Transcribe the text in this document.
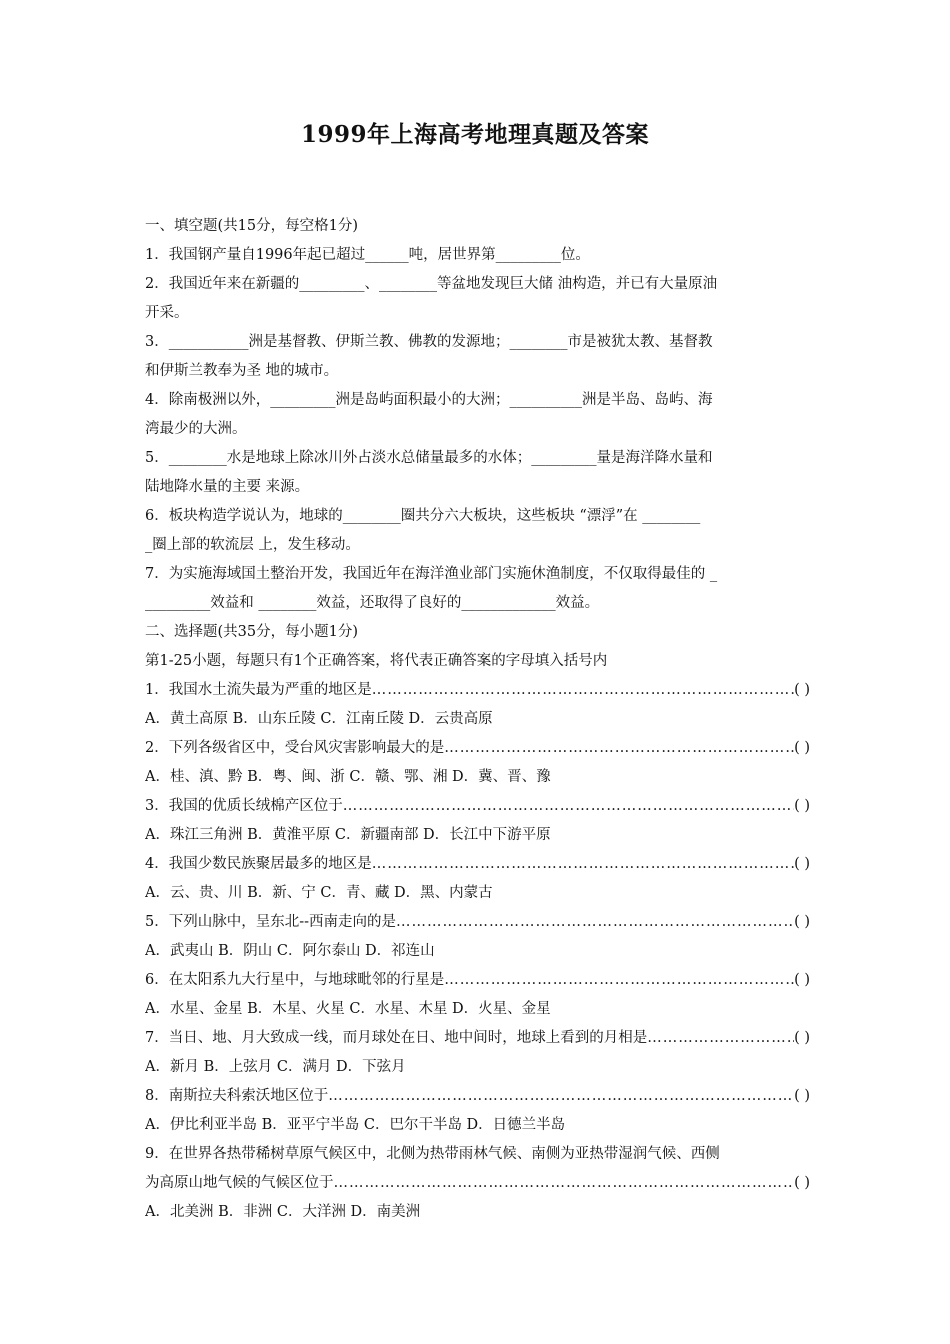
1999年上海高考地理真题及答案
一、填空题(共15分，每空格1分)
1．我国钢产量自1996年起已超过______吨，居世界第_________位。
2．我国近年来在新疆的_________、________等盆地发现巨大储 油构造，并已有大量原油
开采。
3．___________洲是基督教、伊斯兰教、佛教的发源地；________市是被犹太教、基督教
和伊斯兰教奉为圣 地的城市。
4．除南极洲以外，_________洲是岛屿面积最小的大洲；__________洲是半岛、岛屿、海
湾最少的大洲。
5．________水是地球上除冰川外占淡水总储量最多的水体；_________量是海洋降水量和
陆地降水量的主要 来源。
6．板块构造学说认为，地球的________圈共分六大板块，这些板块 “漂浮”在 ________
_圈上部的软流层 上，发生移动。
7．为实施海域国土整治开发，我国近年在海洋渔业部门实施休渔制度，不仅取得最佳的 _
_________效益和 ________效益，还取得了良好的_____________效益。
二、选择题(共35分，每小题1分)
第1-25小题，每题只有1个正确答案，将代表正确答案的字母填入括号内
1．我国水土流失最为严重的地区是 …………………………………………………………………………………………………………………………………………………………………	( )
A．黄土高原 B．山东丘陵 C．江南丘陵 D．云贵高原
2．下列各级省区中，受台风灾害影响最大的是 …………………………………………………………………………………………………………………………………………………………………	( )
A．桂、滇、黔 B．粤、闽、浙 C．赣、鄂、湘 D．冀、晋、豫
3．我国的优质长绒棉产区位于 …………………………………………………………………………………………………………………………………………………………………	( )
A．珠江三角洲 B．黄淮平原 C．新疆南部 D．长江中下游平原
4．我国少数民族聚居最多的地区是 …………………………………………………………………………………………………………………………………………………………………	( )
A．云、贵、川 B．新、宁 C．青、藏 D．黑、内蒙古
5．下列山脉中，呈东北--西南走向的是 …………………………………………………………………………………………………………………………………………………………………	( )
A．武夷山 B．阴山 C．阿尔泰山 D．祁连山
6．在太阳系九大行星中，与地球毗邻的行星是 …………………………………………………………………………………………………………………………………………………………………	( )
A．水星、金星 B．木星、火星 C．水星、木星 D．火星、金星
7．当日、地、月大致成一线，而月球处在日、地中间时，地球上看到的月相是 …………………………………………………………………………………………………………………………………………………………………	( )
A．新月 B．上弦月 C．满月 D．下弦月
8．南斯拉夫科索沃地区位于 …………………………………………………………………………………………………………………………………………………………………	( )
A．伊比利亚半岛 B．亚平宁半岛 C．巴尔干半岛 D．日德兰半岛
9．在世界各热带稀树草原气候区中，北侧为热带雨林气候、南侧为亚热带湿润气候、西侧
为高原山地气候的气候区位于 …………………………………………………………………………………………………………………………………………………………………	( )
A．北美洲 B．非洲 C．大洋洲 D．南美洲
